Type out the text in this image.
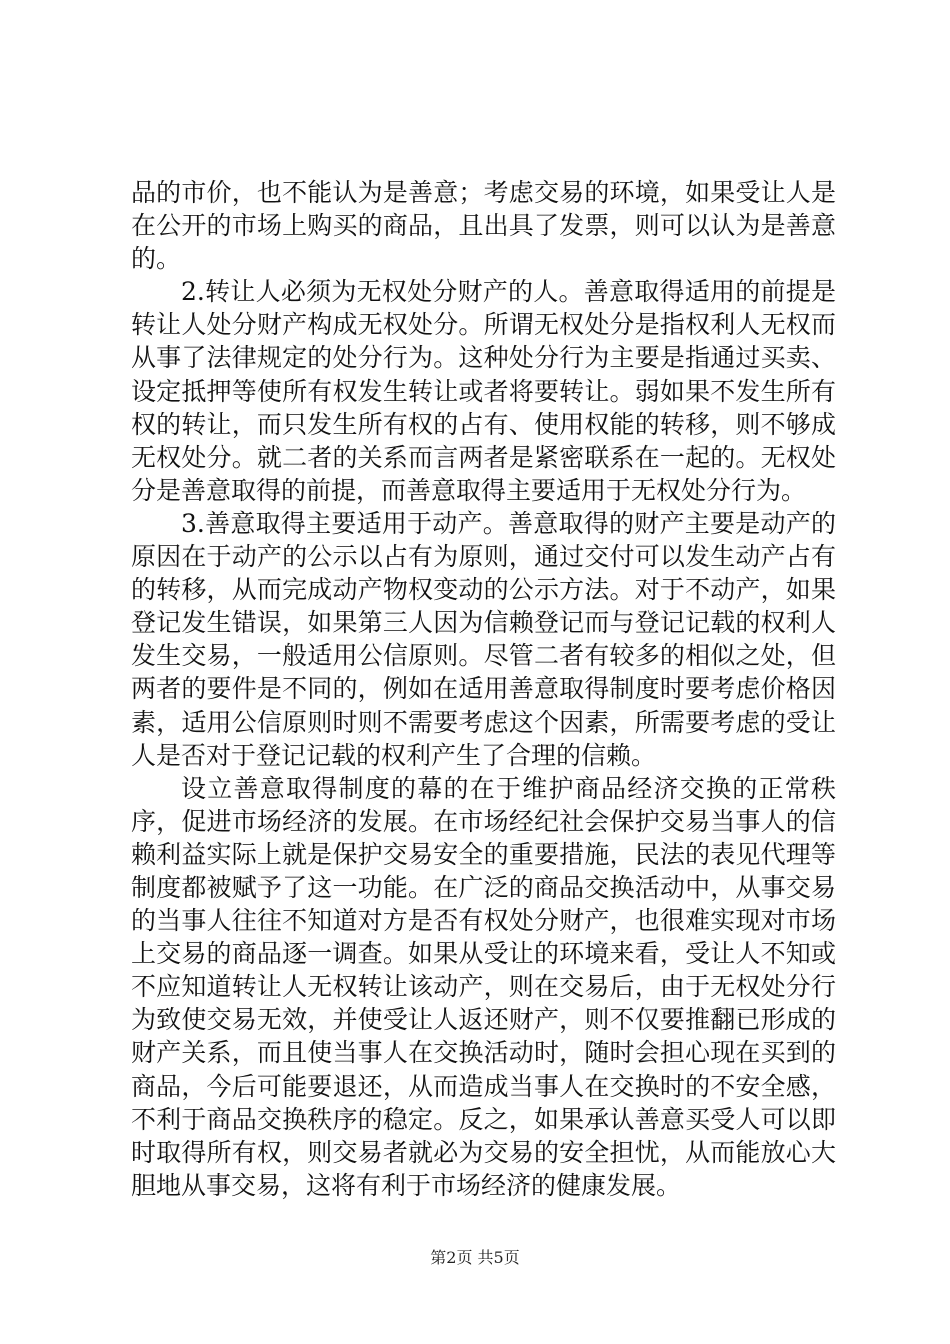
品的市价，也不能认为是善意；考虑交易的环境，如果受让人是在公开的市场上购买的商品，且出具了发票，则可以认为是善意的。

2.转让人必须为无权处分财产的人。善意取得适用的前提是转让人处分财产构成无权处分。所谓无权处分是指权利人无权而从事了法律规定的处分行为。这种处分行为主要是指通过买卖、设定抵押等使所有权发生转让或者将要转让。弱如果不发生所有权的转让，而只发生所有权的占有、使用权能的转移，则不够成无权处分。就二者的关系而言两者是紧密联系在一起的。无权处分是善意取得的前提，而善意取得主要适用于无权处分行为。

3.善意取得主要适用于动产。善意取得的财产主要是动产的原因在于动产的公示以占有为原则，通过交付可以发生动产占有的转移，从而完成动产物权变动的公示方法。对于不动产，如果登记发生错误，如果第三人因为信赖登记而与登记记载的权利人发生交易，一般适用公信原则。尽管二者有较多的相似之处，但两者的要件是不同的，例如在适用善意取得制度时要考虑价格因素，适用公信原则时则不需要考虑这个因素，所需要考虑的受让人是否对于登记记载的权利产生了合理的信赖。

设立善意取得制度的幕的在于维护商品经济交换的正常秩序，促进市场经济的发展。在市场经纪社会保护交易当事人的信赖利益实际上就是保护交易安全的重要措施，民法的表见代理等制度都被赋予了这一功能。在广泛的商品交换活动中，从事交易的当事人往往不知道对方是否有权处分财产，也很难实现对市场上交易的商品逐一调查。如果从受让的环境来看，受让人不知或不应知道转让人无权转让该动产，则在交易后，由于无权处分行为致使交易无效，并使受让人返还财产，则不仅要推翻已形成的财产关系，而且使当事人在交换活动时，随时会担心现在买到的商品，今后可能要退还，从而造成当事人在交换时的不安全感，不利于商品交换秩序的稳定。反之，如果承认善意买受人可以即时取得所有权，则交易者就必为交易的安全担忧，从而能放心大胆地从事交易，这将有利于市场经济的健康发展。

第2页 共5页
